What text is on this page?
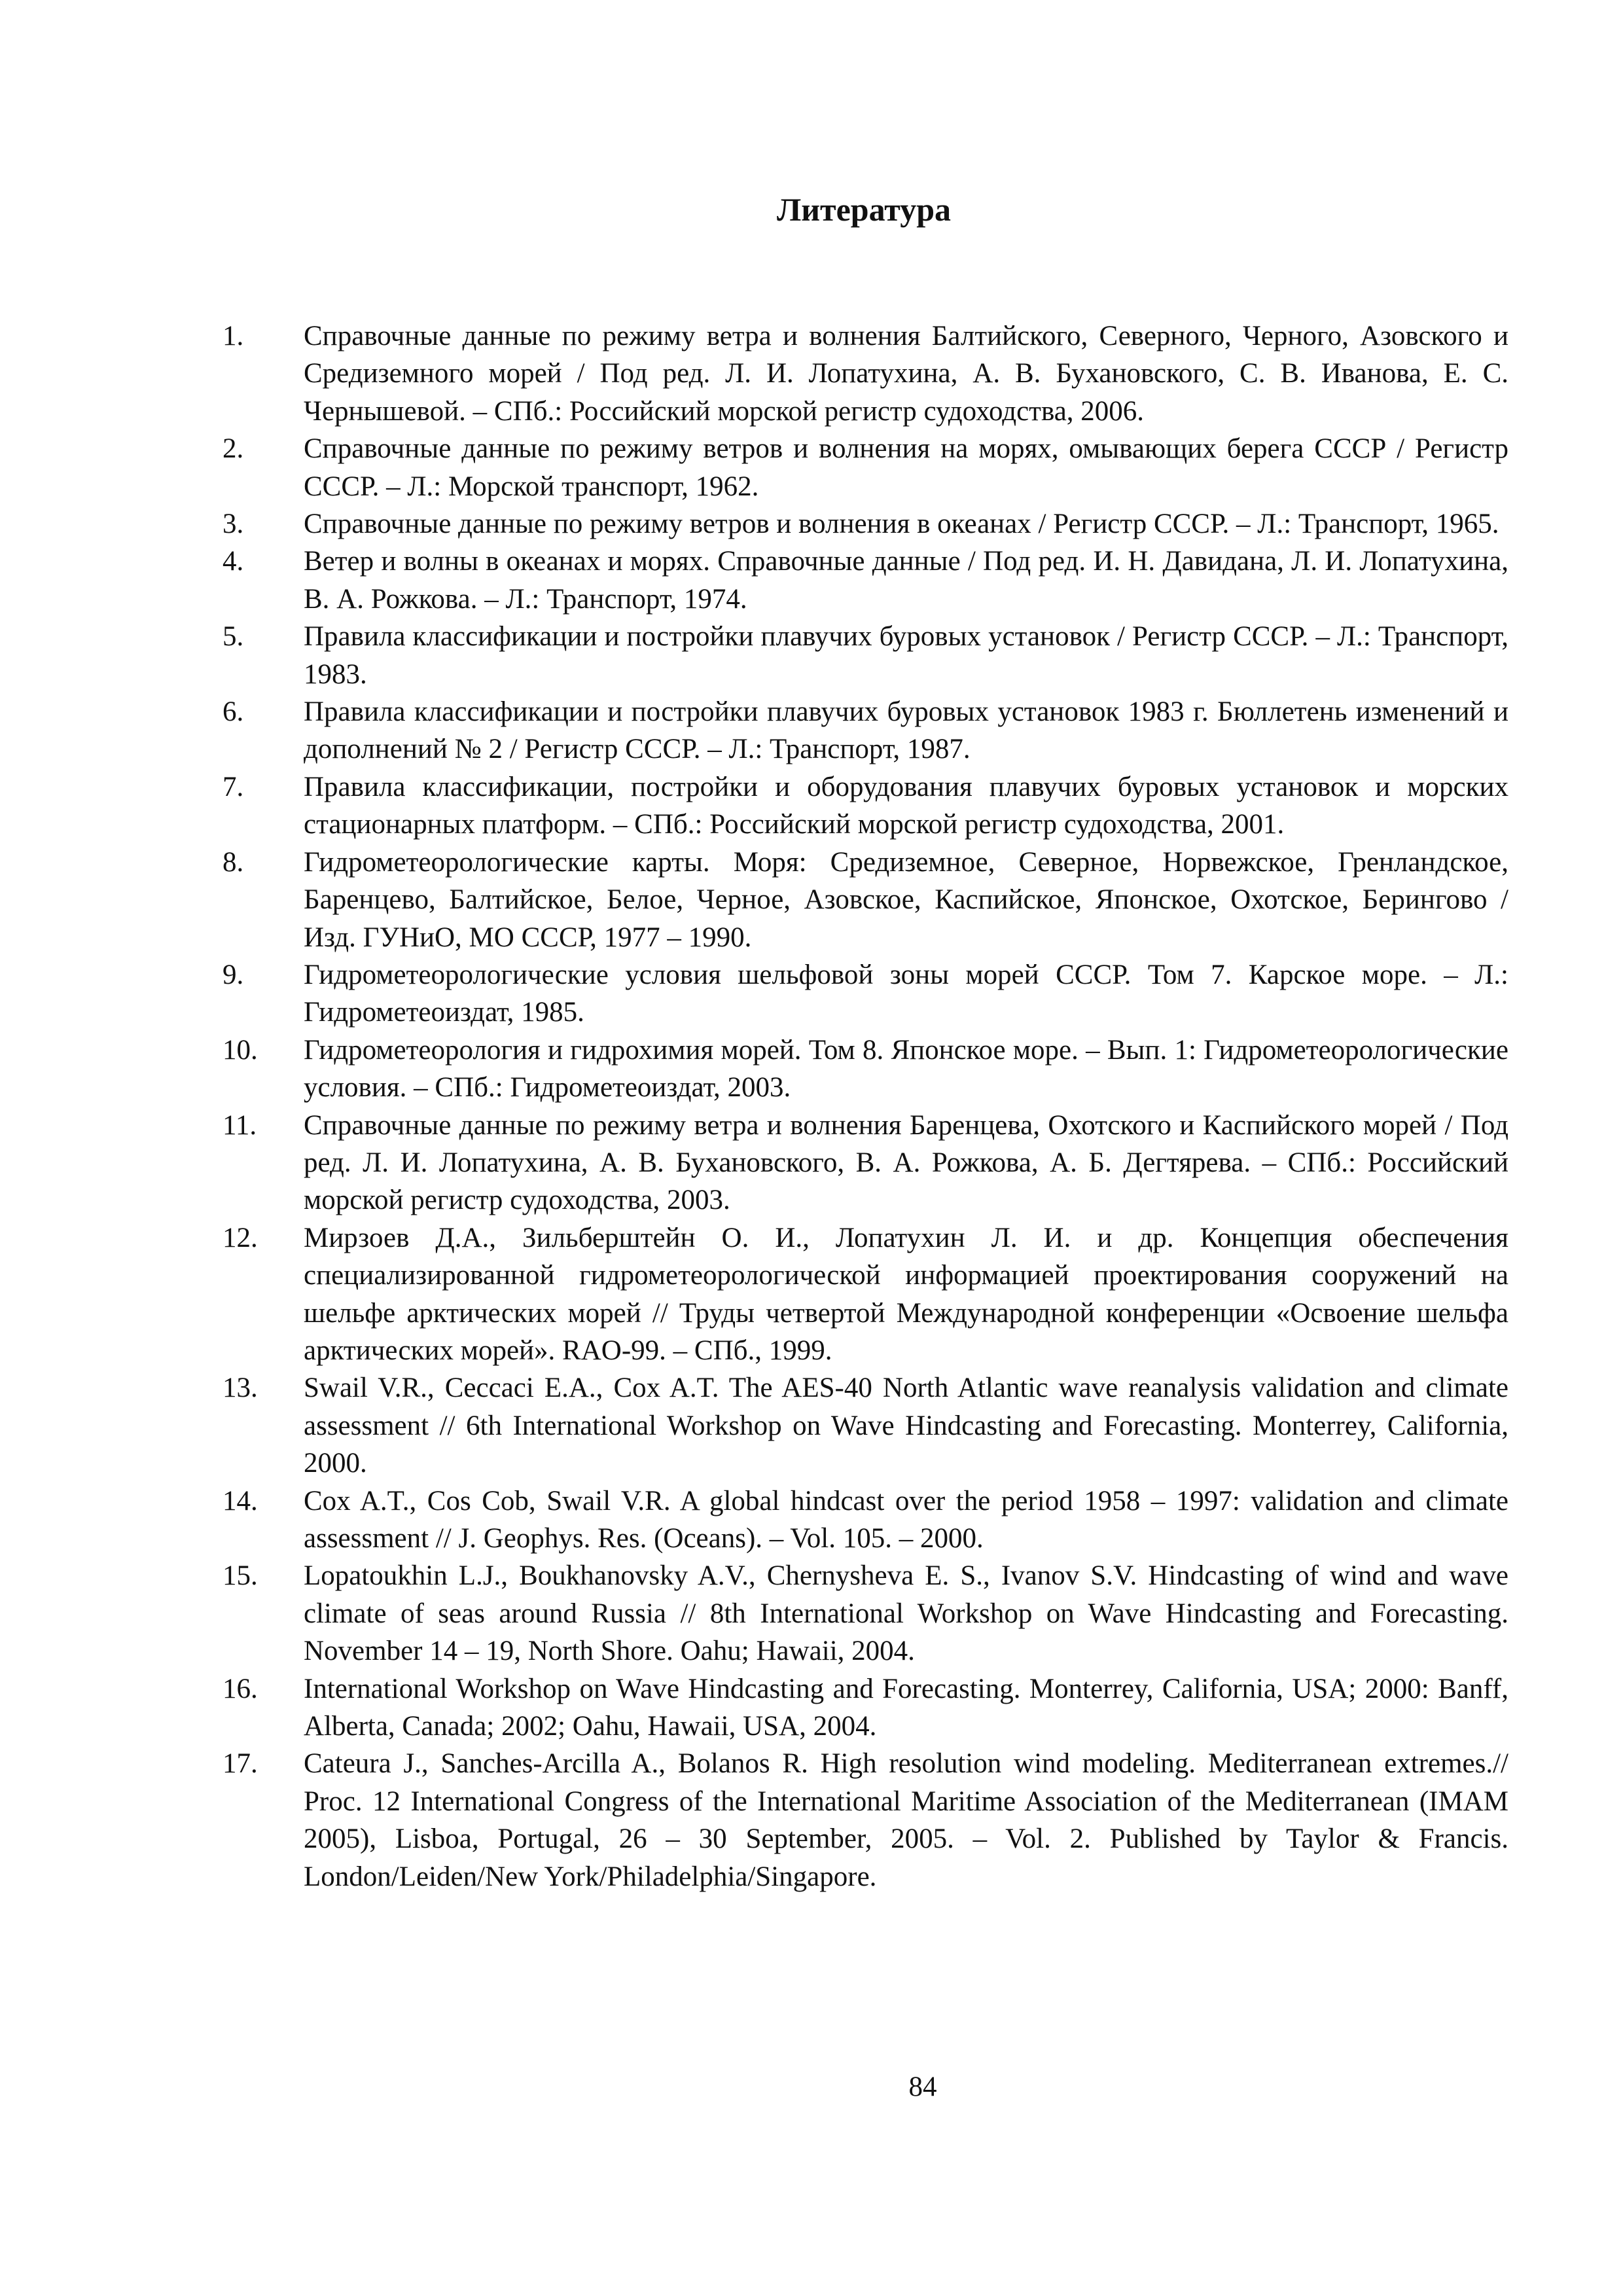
Литература
1.	Справочные данные по режиму ветра и волнения Балтийского, Северного, Черного, Азовского и Средиземного морей / Под ред. Л. И. Лопатухина, А. В. Бухановского, С. В. Иванова, Е. С. Чернышевой. – СПб.: Российский морской регистр судоходства, 2006.
2.	Справочные данные по режиму ветров и волнения на морях, омывающих берега СССР / Регистр СССР. – Л.: Морской транспорт, 1962.
3.	Справочные данные по режиму ветров и волнения в океанах / Регистр СССР. – Л.: Транспорт, 1965.
4.	Ветер и волны в океанах и морях. Справочные данные / Под ред. И. Н. Давидана, Л. И. Лопатухина, В. А. Рожкова. – Л.: Транспорт, 1974.
5.	Правила классификации и постройки плавучих буровых установок / Регистр СССР. – Л.: Транспорт, 1983.
6.	Правила классификации и постройки плавучих буровых установок 1983 г. Бюллетень изменений и дополнений № 2 / Регистр СССР. – Л.: Транспорт, 1987.
7.	Правила классификации, постройки и оборудования плавучих буровых установок и морских стационарных платформ. – СПб.: Российский морской регистр судоходства, 2001.
8.	Гидрометеорологические карты. Моря: Средиземное, Северное, Норвежское, Гренландское, Баренцево, Балтийское, Белое, Черное, Азовское, Каспийское, Японское, Охотское, Берингово / Изд. ГУНиО, МО СССР, 1977 – 1990.
9.	Гидрометеорологические условия шельфовой зоны морей СССР. Том 7. Карское море. – Л.: Гидрометеоиздат, 1985.
10. Гидрометеорология и гидрохимия морей. Том 8. Японское море. – Вып. 1: Гидрометеорологические условия. – СПб.: Гидрометеоиздат, 2003.
11. Справочные данные по режиму ветра и волнения Баренцева, Охотского и Каспийского морей / Под ред. Л. И. Лопатухина, А. В. Бухановского, В. А. Рожкова, А. Б. Дегтярева. – СПб.: Российский морской регистр судоходства, 2003.
12. Мирзоев Д.А., Зильберштейн О. И., Лопатухин Л. И. и др. Концепция обеспечения специализированной гидрометеорологической информацией проектирования сооружений на шельфе арктических морей // Труды четвертой Международной конференции «Освоение шельфа арктических морей». RAO-99. – СПб., 1999.
13. Swail V.R., Ceccaci E.A., Cox A.T. The AES-40 North Atlantic wave reanalysis validation and climate assessment // 6th International Workshop on Wave Hindcasting and Forecasting. Monterrey, California, 2000.
14. Cox A.T., Cos Cob, Swail V.R. A global hindcast over the period 1958 – 1997: validation and climate assessment // J. Geophys. Res. (Oceans). – Vol. 105. – 2000.
15. Lopatoukhin L.J., Boukhanovsky A.V., Chernysheva E. S., Ivanov S.V. Hindcasting of wind and wave climate of seas around Russia // 8th International Workshop on Wave Hindcasting and Forecasting. November 14 – 19, North Shore. Oahu; Hawaii, 2004.
16. International Workshop on Wave Hindcasting and Forecasting. Monterrey, California, USA; 2000: Banff, Alberta, Canada; 2002; Oahu, Hawaii, USA, 2004.
17. Cateura J., Sanches-Arcilla A., Bolanos R. High resolution wind modeling. Mediterranean extremes.// Proc. 12 International Congress of the International Maritime Association of the Mediterranean (IMAM 2005), Lisboa, Portugal, 26 – 30 September, 2005. – Vol. 2. Published by Taylor & Francis. London/Leiden/New York/Philadelphia/Singapore.
84
